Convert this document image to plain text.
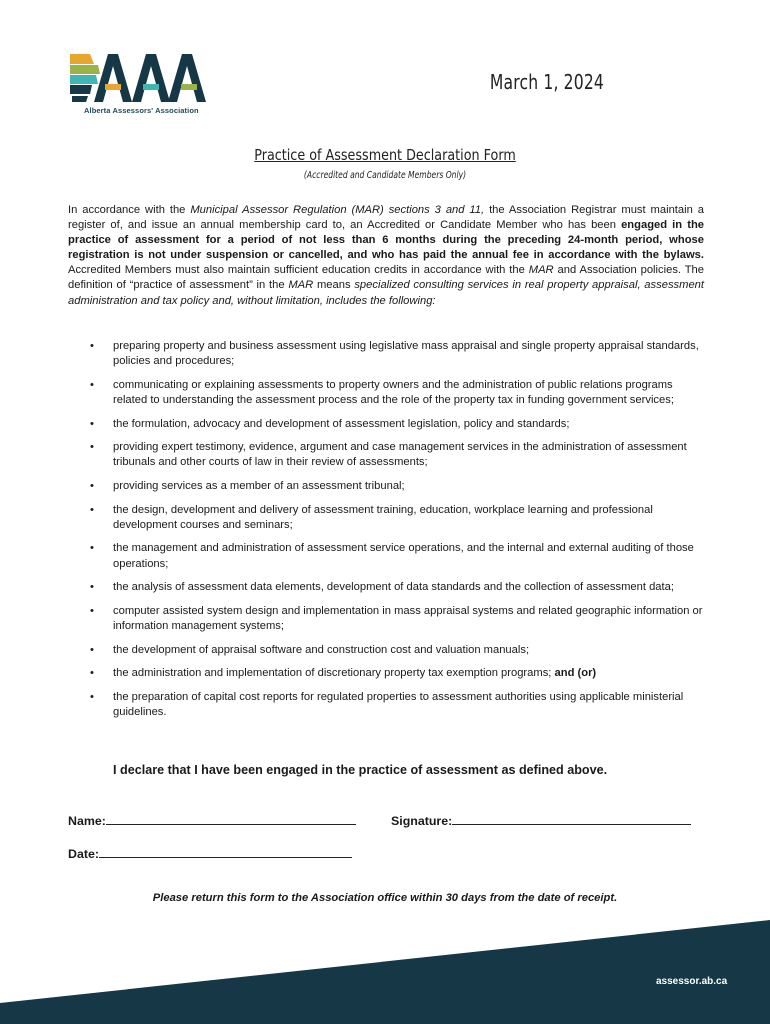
Alberta Assessors' Association
March 1, 2024
Practice of Assessment Declaration Form
(Accredited and Candidate Members Only)
In accordance with the Municipal Assessor Regulation (MAR) sections 3 and 11, the Association Registrar must maintain a register of, and issue an annual membership card to, an Accredited or Candidate Member who has been engaged in the practice of assessment for a period of not less than 6 months during the preceding 24-month period, whose registration is not under suspension or cancelled, and who has paid the annual fee in accordance with the bylaws. Accredited Members must also maintain sufficient education credits in accordance with the MAR and Association policies. The definition of “practice of assessment” in the MAR means specialized consulting services in real property appraisal, assessment administration and tax policy and, without limitation, includes the following:
• preparing property and business assessment using legislative mass appraisal and single property appraisal standards, policies and procedures;
• communicating or explaining assessments to property owners and the administration of public relations programs related to understanding the assessment process and the role of the property tax in funding government services;
• the formulation, advocacy and development of assessment legislation, policy and standards;
• providing expert testimony, evidence, argument and case management services in the administration of assessment tribunals and other courts of law in their review of assessments;
• providing services as a member of an assessment tribunal;
• the design, development and delivery of assessment training, education, workplace learning and professional development courses and seminars;
• the management and administration of assessment service operations, and the internal and external auditing of those operations;
• the analysis of assessment data elements, development of data standards and the collection of assessment data;
• computer assisted system design and implementation in mass appraisal systems and related geographic information or information management systems;
• the development of appraisal software and construction cost and valuation manuals;
• the administration and implementation of discretionary property tax exemption programs; and (or)
• the preparation of capital cost reports for regulated properties to assessment authorities using applicable ministerial guidelines.
I declare that I have been engaged in the practice of assessment as defined above.
Name:	Signature:
Date:
Please return this form to the Association office within 30 days from the date of receipt.
assessor.ab.ca
